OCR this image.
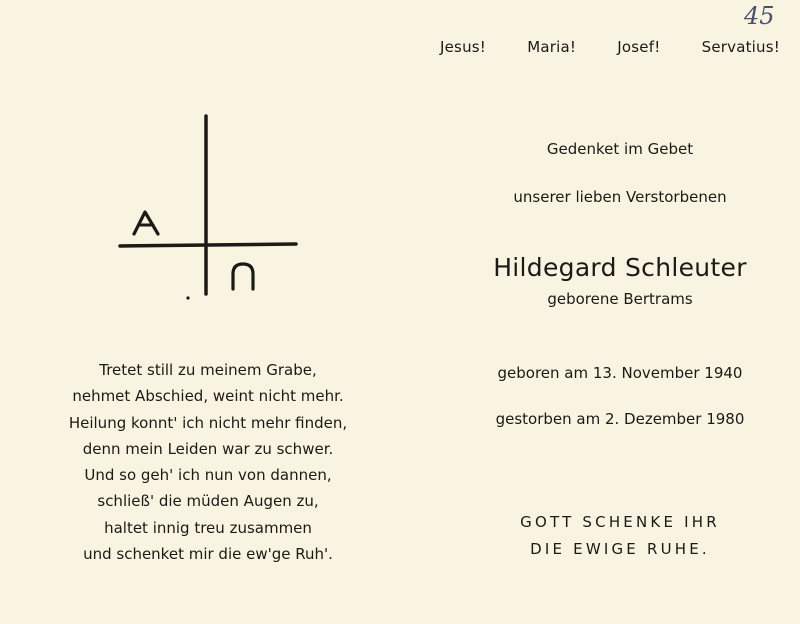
45
Jesus!	Maria!	Josef!	Servatius!
Gedenket im Gebet
unserer lieben Verstorbenen
Hildegard Schleuter
geborene Bertrams
geboren am 13. November 1940
gestorben am 2. Dezember 1980
GOTT SCHENKE IHR
DIE EWIGE RUHE.
Tretet still zu meinem Grabe,
nehmet Abschied, weint nicht mehr.
Heilung konnt' ich nicht mehr finden,
denn mein Leiden war zu schwer.
Und so geh' ich nun von dannen,
schließ' die müden Augen zu,
haltet innig treu zusammen
und schenket mir die ew'ge Ruh'.
